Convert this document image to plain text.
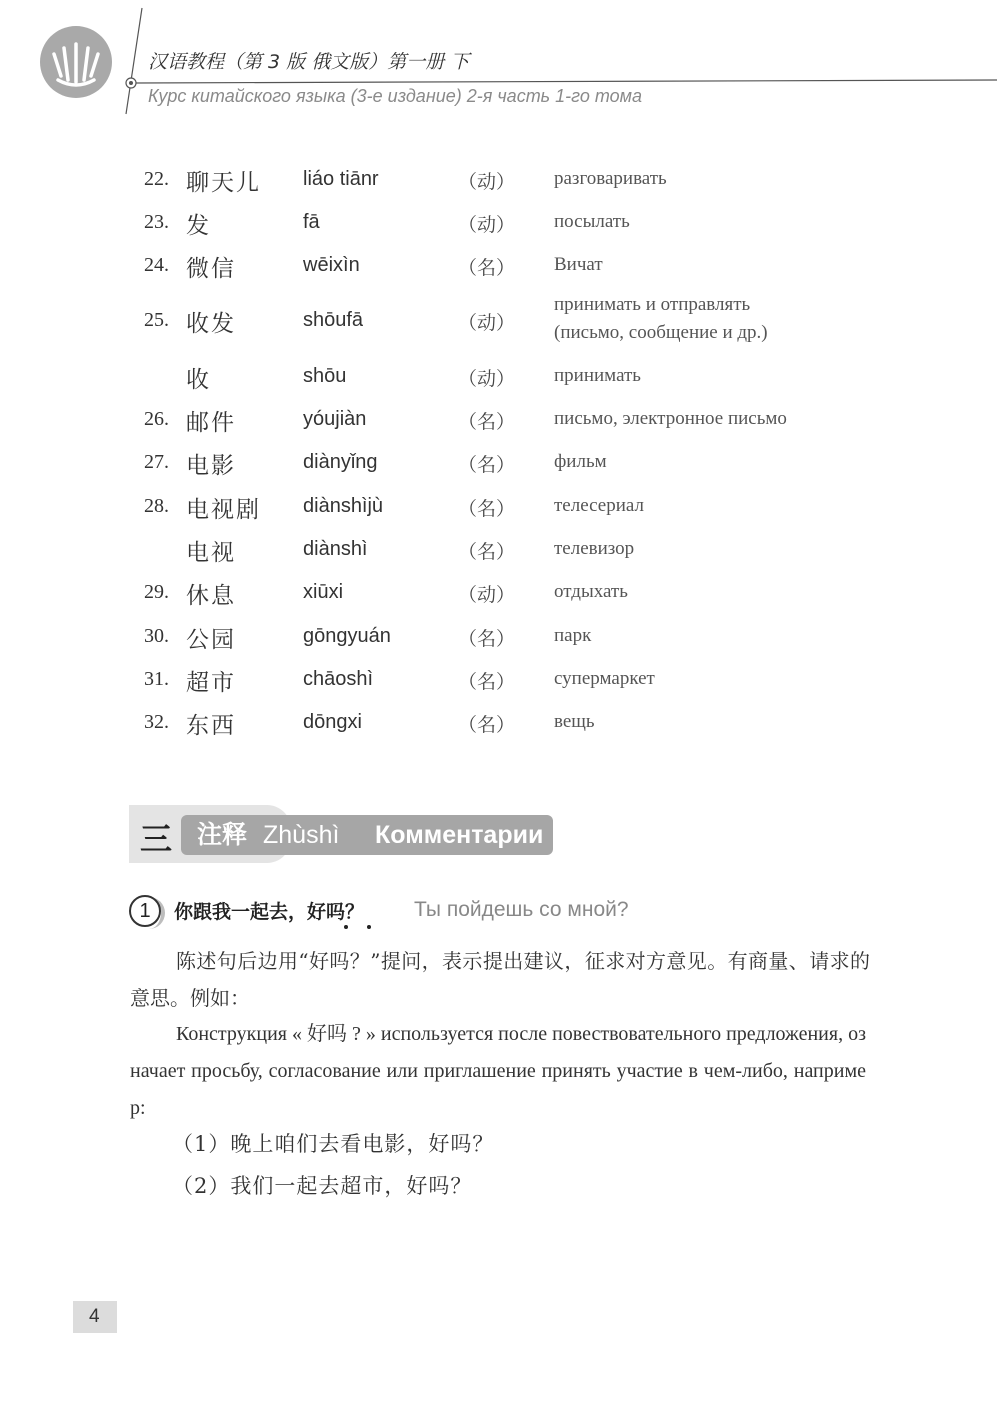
汉语教程（第 3 版 俄文版）第一册 下
Курс китайского языка (3-е издание) 2-я часть 1-го тома
22. 聊天儿 liáo tiānr	（动） разговаривать
23. 发	fā	（动） посылать
24. 微信	wēixìn	（名） Вичат
25. 收发	shōufā	（动）
принимать и отправлять
(письмо, сообщение и др.)
收	shōu	（动） принимать
26. 邮件	yóujiàn	（名） письмо, электронное письмо
27. 电影	diànyǐng	（名） фильм
28. 电视剧 diànshìjù	（名） телесериал
电视	diànshì	（名） телевизор
29. 休息	xiūxi	（动） отдыхать
30. 公园	gōngyuán	（名） парк
31. 超市	chāoshì	（名） супермаркет
32. 东西	dōngxi	（名） вещь
三 注释 Zhùshì Комментарии
1	你跟我一起去，好吗？ Ты пойдешь со мной?
陈述句后边用“好吗？”提问，表示提出建议，征求对方意见。有商量、请求的意思。例如：
Конструкция « 好吗 ? » используется после повествовательного предложения, означает просьбу, согласование или приглашение принять участие в чем-либо, например:
（1）晚上咱们去看电影，好吗？
（2）我们一起去超市，好吗？
4
